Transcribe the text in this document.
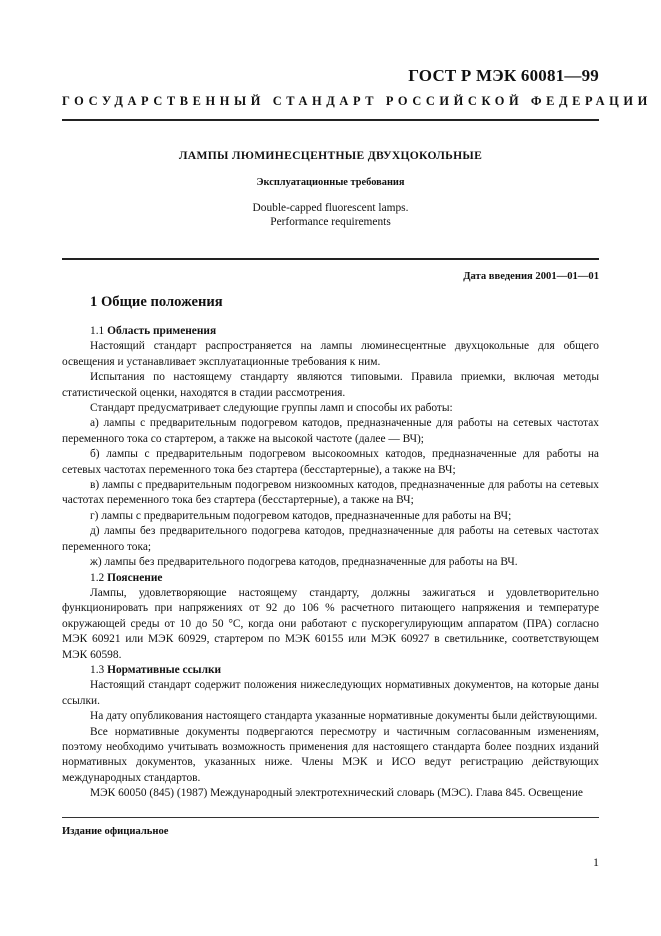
ГОСТ Р МЭК 60081—99
ГОСУДАРСТВЕННЫЙ СТАНДАРТ РОССИЙСКОЙ ФЕДЕРАЦИИ
ЛАМПЫ ЛЮМИНЕСЦЕНТНЫЕ ДВУХЦОКОЛЬНЫЕ
Эксплуатационные требования
Double-capped fluorescent lamps.
Performance requirements
Дата введения 2001—01—01
1 Общие положения

1.1 Область применения

Настоящий стандарт распространяется на лампы люминесцентные двухцокольные для общего освещения и устанавливает эксплуатационные требования к ним.

Испытания по настоящему стандарту являются типовыми. Правила приемки, включая методы статистической оценки, находятся в стадии рассмотрения.

Стандарт предусматривает следующие группы ламп и способы их работы:

а) лампы с предварительным подогревом катодов, предназначенные для работы на сетевых частотах переменного тока со стартером, а также на высокой частоте (далее — ВЧ);

б) лампы с предварительным подогревом высокоомных катодов, предназначенные для работы на сетевых частотах переменного тока без стартера (бесстартерные), а также на ВЧ;

в) лампы с предварительным подогревом низкоомных катодов, предназначенные для работы на сетевых частотах переменного тока без стартера (бесстартерные), а также на ВЧ;

г) лампы с предварительным подогревом катодов, предназначенные для работы на ВЧ;

д) лампы без предварительного подогрева катодов, предназначенные для работы на сетевых частотах переменного тока;

ж) лампы без предварительного подогрева катодов, предназначенные для работы на ВЧ.

1.2 Пояснение

Лампы, удовлетворяющие настоящему стандарту, должны зажигаться и удовлетворительно функционировать при напряжениях от 92 до 106 % расчетного питающего напряжения и температуре окружающей среды от 10 до 50 °С, когда они работают с пускорегулирующим аппаратом (ПРА) согласно МЭК 60921 или МЭК 60929, стартером по МЭК 60155 или МЭК 60927 в светильнике, соответствующем МЭК 60598.

1.3 Нормативные ссылки

Настоящий стандарт содержит положения нижеследующих нормативных документов, на которые даны ссылки.

На дату опубликования настоящего стандарта указанные нормативные документы были действующими.

Все нормативные документы подвергаются пересмотру и частичным согласованным изменениям, поэтому необходимо учитывать возможность применения для настоящего стандарта более поздних изданий нормативных документов, указанных ниже. Члены МЭК и ИСО ведут регистрацию действующих международных стандартов.

МЭК 60050 (845) (1987) Международный электротехнический словарь (МЭС). Глава 845. Освещение

Издание официальное
1
